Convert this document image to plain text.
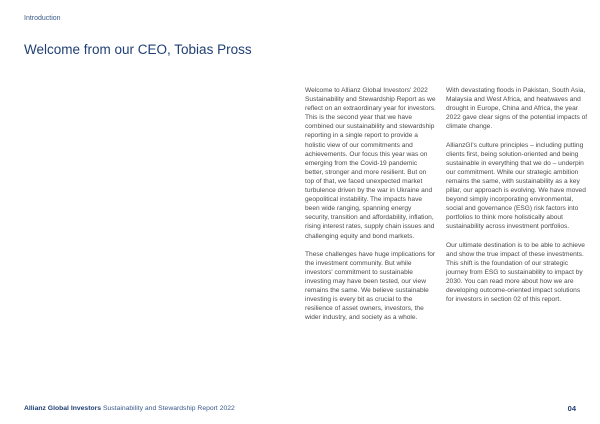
Introduction
Welcome from our CEO, Tobias Pross

Welcome to Allianz Global Investors' 2022 Sustainability and Stewardship Report as we reflect on an extraordinary year for investors. This is the second year that we have combined our sustainability and stewardship reporting in a single report to provide a holistic view of our commitments and achievements. Our focus this year was on emerging from the Covid-19 pandemic better, stronger and more resilient. But on top of that, we faced unexpected market turbulence driven by the war in Ukraine and geopolitical instability. The impacts have been wide ranging, spanning energy security, transition and affordability, inflation, rising interest rates, supply chain issues and challenging equity and bond markets.

These challenges have huge implications for the investment community. But while investors' commitment to sustainable investing may have been tested, our view remains the same. We believe sustainable investing is every bit as crucial to the resilience of asset owners, investors, the wider industry, and society as a whole.

With devastating floods in Pakistan, South Asia, Malaysia and West Africa, and heatwaves and drought in Europe, China and Africa, the year 2022 gave clear signs of the potential impacts of climate change.

AllianzGI's culture principles – including putting clients first, being solution-oriented and being sustainable in everything that we do – underpin our commitment. While our strategic ambition remains the same, with sustainability as a key pillar, our approach is evolving. We have moved beyond simply incorporating environmental, social and governance (ESG) risk factors into portfolios to think more holistically about sustainability across investment portfolios.

Our ultimate destination is to be able to achieve and show the true impact of these investments. This shift is the foundation of our strategic journey from ESG to sustainability to impact by 2030. You can read more about how we are developing outcome-oriented impact solutions for investors in section 02 of this report.

Allianz Global Investors Sustainability and Stewardship Report 2022	04
